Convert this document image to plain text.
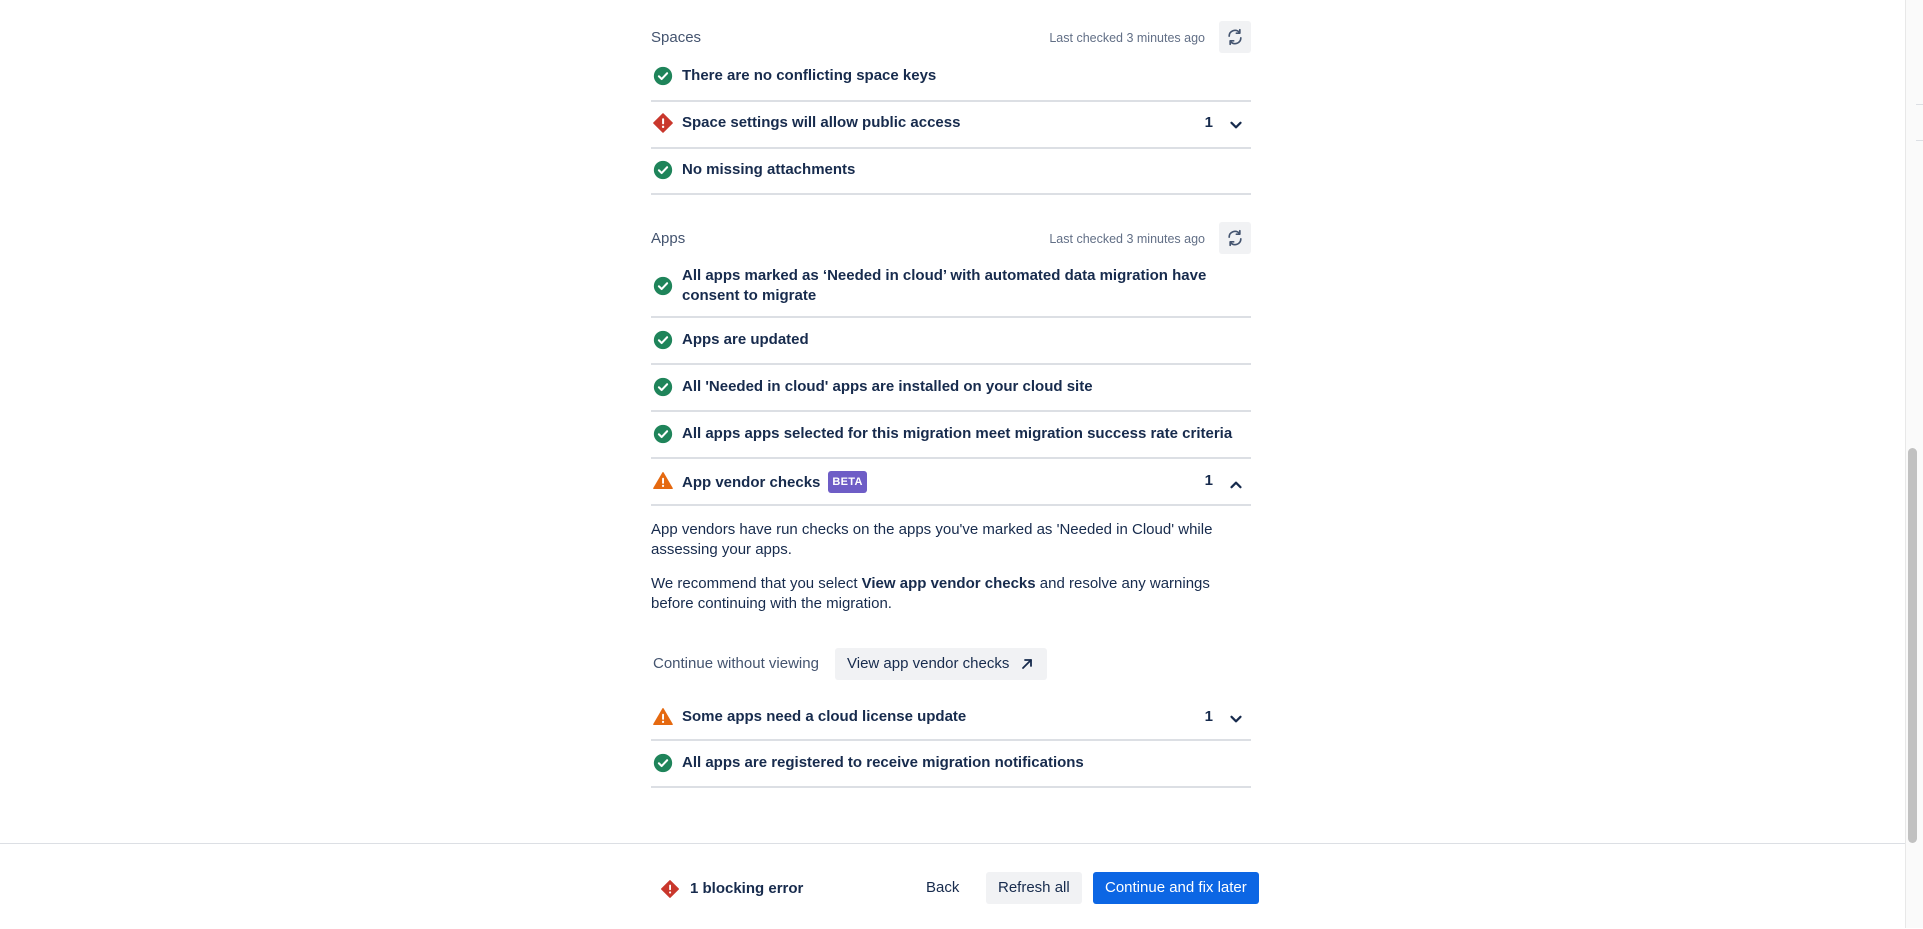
Spaces	Last checked 3 minutes ago
There are no conflicting space keys
Space settings will allow public access	1
No missing attachments
Apps	Last checked 3 minutes ago
All apps marked as ‘Needed in cloud’ with automated data migration have consent to migrate
Apps are updated
All 'Needed in cloud' apps are installed on your cloud site
All apps apps selected for this migration meet migration success rate criteria
App vendor checks BETA	1
App vendors have run checks on the apps you've marked as 'Needed in Cloud' while assessing your apps.
We recommend that you select View app vendor checks and resolve any warnings before continuing with the migration.
Continue without viewing View app vendor checks
Some apps need a cloud license update	1
All apps are registered to receive migration notifications
1 blocking error	Back	Refresh all	Continue and fix later
